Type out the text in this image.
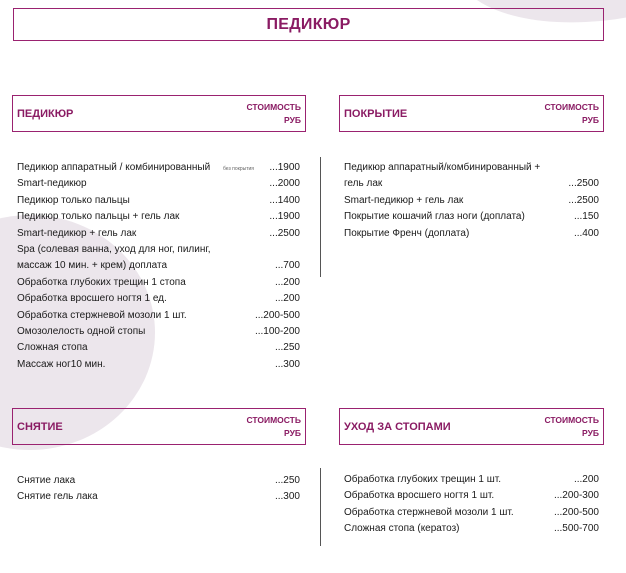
ПЕДИКЮР
ПЕДИКЮР
СТОИМОСТЬ
РУБ	ПОКРЫТИЕ
СТОИМОСТЬ
РУБ
СНЯТИЕ
СТОИМОСТЬ
РУБ	УХОД ЗА СТОПАМИ
СТОИМОСТЬ
РУБ
Педикюр аппаратный / комбинированный	без покрытия ...1900
Smart-педикюр	...2000
Педикюр только пальцы	...1400
Педикюр только пальцы + гель лак	...1900
Smart-педикюр + гель лак	...2500
Spa (солевая ванна, уход для ног, пилинг,
массаж 10 мин. + крем) доплата	...700
Обработка глубоких трещин 1 стопа	...200
Обработка вросшего ногтя 1 ед.	...200
Обработка стержневой мозоли 1 шт.	...200-500
Омозолелость одной стопы	...100-200
Сложная стопа	...250
Массаж ног10 мин.	...300
Педикюр аппаратный/комбинированный +
гель лак	...2500
Smart-педикюр + гель лак	...2500
Покрытие кошачий глаз ноги (доплата)	...150
Покрытие Френч (доплата)	...400
Снятие лака	...250
Снятие гель лака	...300
Обработка глубоких трещин 1 шт.	...200
Обработка вросшего ногтя 1 шт.	...200-300
Обработка стержневой мозоли 1 шт.	...200-500
Сложная стопа (кератоз)	...500-700
